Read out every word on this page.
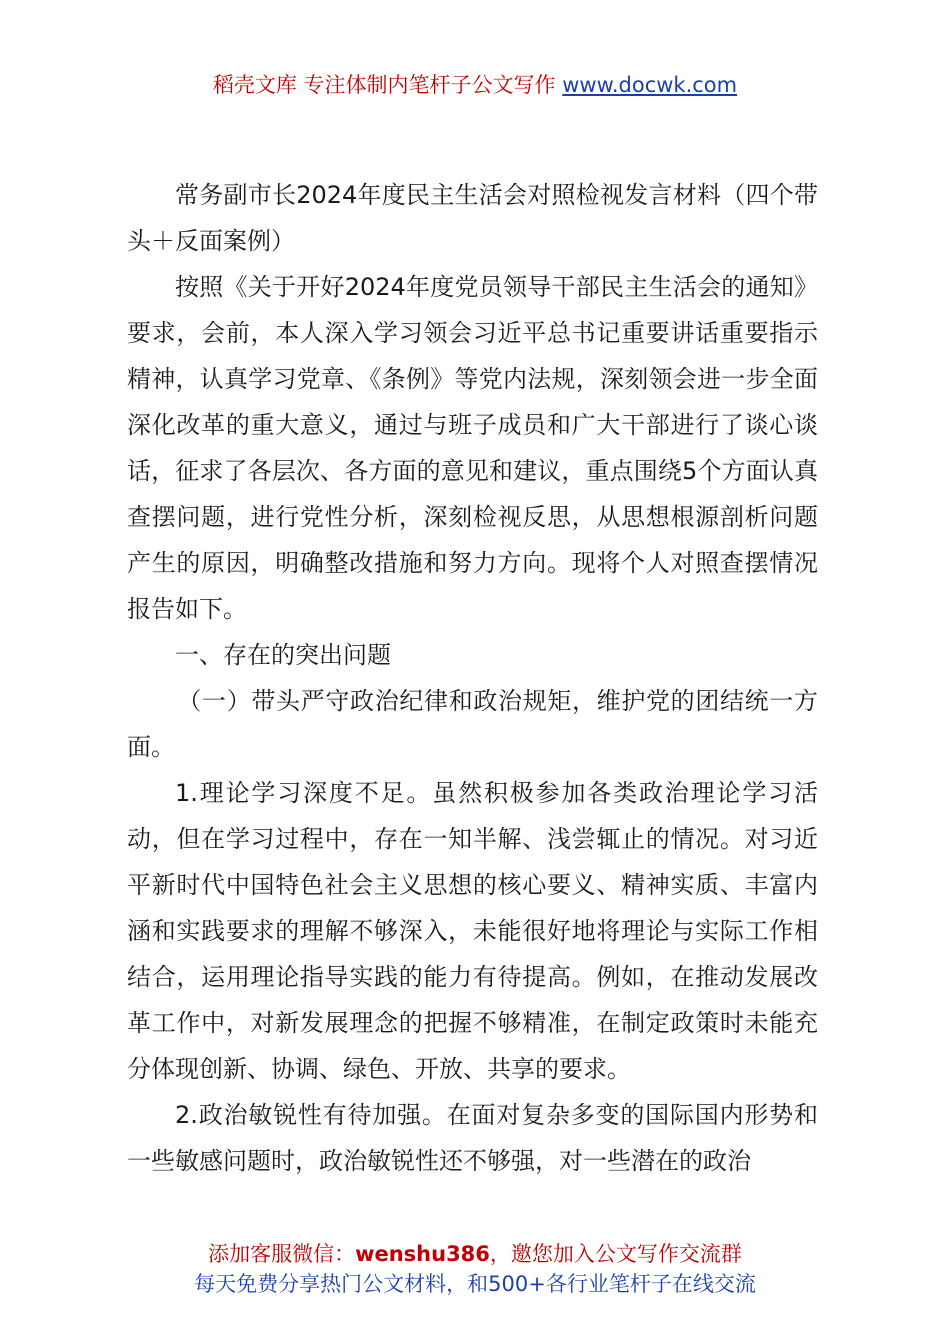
稻壳文库 专注体制内笔杆子公文写作 www.docwk.com

常务副市长2024年度民主生活会对照检视发言材料（四个带头＋反面案例）

按照《关于开好2024年度党员领导干部民主生活会的通知》要求，会前，本人深入学习领会习近平总书记重要讲话重要指示精神，认真学习党章、《条例》等党内法规，深刻领会进一步全面深化改革的重大意义，通过与班子成员和广大干部进行了谈心谈话，征求了各层次、各方面的意见和建议，重点围绕5个方面认真查摆问题，进行党性分析，深刻检视反思，从思想根源剖析问题产生的原因，明确整改措施和努力方向。现将个人对照查摆情况报告如下。

一、存在的突出问题

（一）带头严守政治纪律和政治规矩，维护党的团结统一方面。

1.理论学习深度不足。虽然积极参加各类政治理论学习活动，但在学习过程中，存在一知半解、浅尝辄止的情况。对习近平新时代中国特色社会主义思想的核心要义、精神实质、丰富内涵和实践要求的理解不够深入，未能很好地将理论与实际工作相结合，运用理论指导实践的能力有待提高。例如，在推动发展改革工作中，对新发展理念的把握不够精准，在制定政策时未能充分体现创新、协调、绿色、开放、共享的要求。

2.政治敏锐性有待加强。在面对复杂多变的国际国内形势和一些敏感问题时，政治敏锐性还不够强，对一些潜在的政治

添加客服微信：wenshu386，邀您加入公文写作交流群
每天免费分享热门公文材料，和500+各行业笔杆子在线交流
